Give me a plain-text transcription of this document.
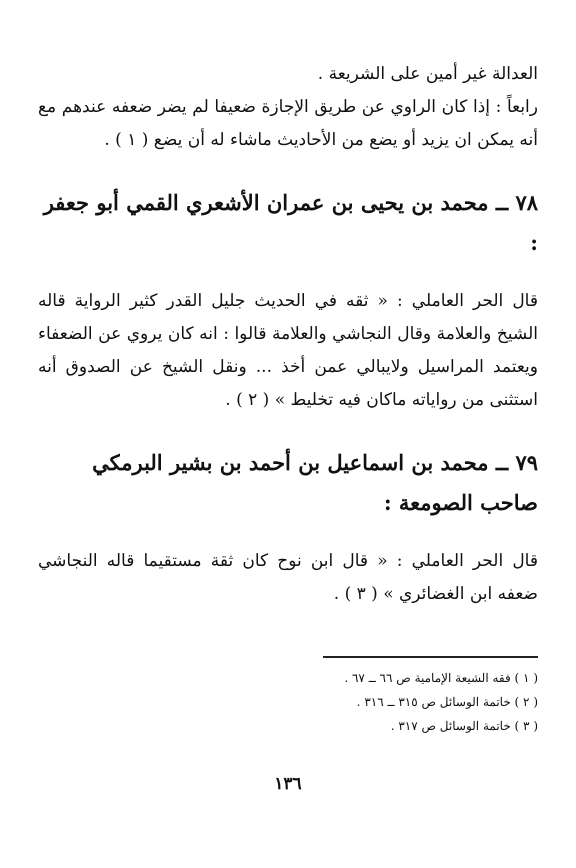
العدالة غير أمين على الشريعة .

رابعاً : إذا كان الراوي عن طريق الإجازة ضعيفا لم يضر ضعفه عندهم مع أنه يمكن ان يزيد أو يضع من الأحاديث ماشاء له أن يضع ( ١ ) .

٧٨ ــ محمد بن يحيى بن عمران الأشعري القمي أبو جعفر :

قال الحر العاملي : « ثقه في الحديث جليل القدر كثير الرواية قاله الشيخ والعلامة وقال النجاشي والعلامة قالوا : انه كان يروي عن الضعفاء ويعتمد المراسيل ولايبالي عمن أخذ ... ونقل الشيخ عن الصدوق أنه استثنى من رواياته ماكان فيه تخليط » ( ٢ ) .

٧٩ ــ محمد بن اسماعيل بن أحمد بن بشير البرمكي صاحب الصومعة :

قال الحر العاملي : « قال ابن نوح كان ثقة مستقيما قاله النجاشي ضعفه ابن الغضائري » ( ٣ ) .

( ١ ) فقه الشيعة الإمامية ص ٦٦ ــ ٦٧ .

( ٢ ) خاتمة الوسائل ص ٣١٥ ــ ٣١٦ .

( ٣ ) خاتمة الوسائل ص ٣١٧ .

١٣٦
